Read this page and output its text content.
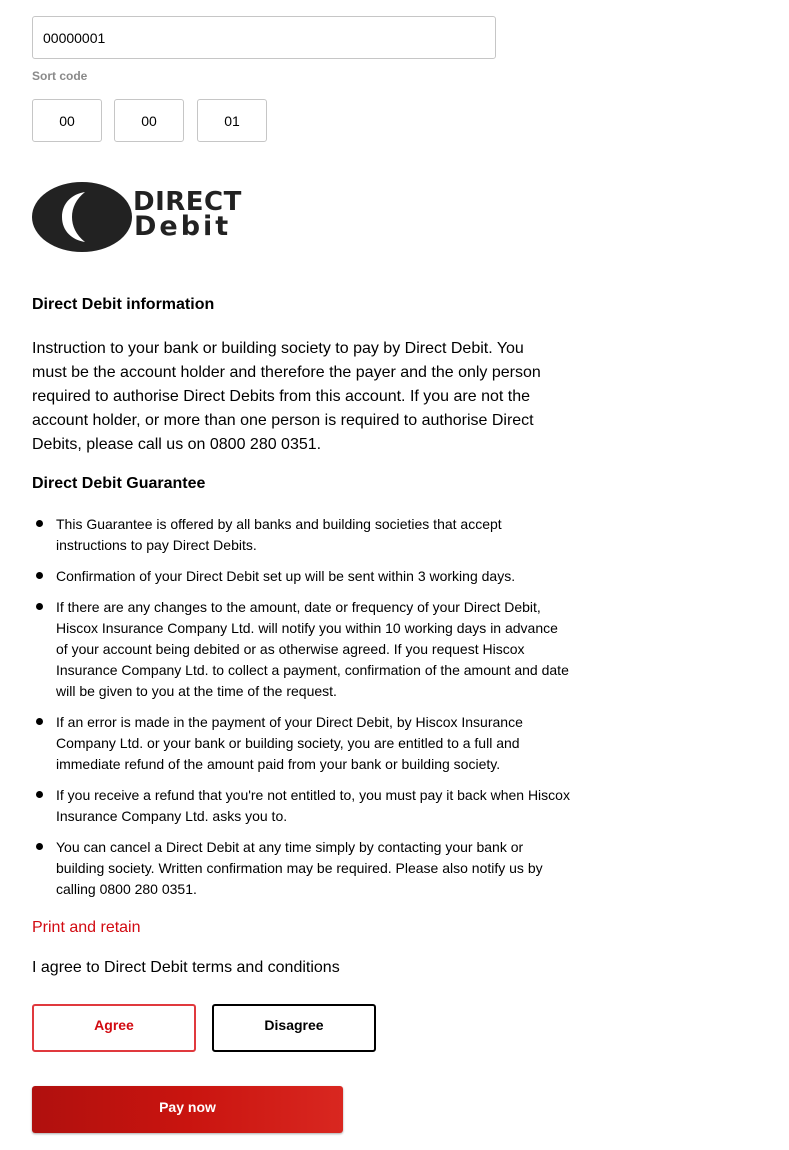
00000001
Sort code
00
00
01
DIRECT
Debit
Direct Debit information

Instruction to your bank or building society to pay by Direct Debit. You must be the account holder and therefore the payer and the only person required to authorise Direct Debits from this account. If you are not the account holder, or more than one person is required to authorise Direct Debits, please call us on 0800 280 0351.

Direct Debit Guarantee
This Guarantee is offered by all banks and building societies that accept instructions to pay Direct Debits.
Confirmation of your Direct Debit set up will be sent within 3 working days.
If there are any changes to the amount, date or frequency of your Direct Debit, Hiscox Insurance Company Ltd. will notify you within 10 working days in advance of your account being debited or as otherwise agreed. If you request Hiscox Insurance Company Ltd. to collect a payment, confirmation of the amount and date will be given to you at the time of the request.
If an error is made in the payment of your Direct Debit, by Hiscox Insurance Company Ltd. or your bank or building society, you are entitled to a full and immediate refund of the amount paid from your bank or building society.
If you receive a refund that you're not entitled to, you must pay it back when Hiscox Insurance Company Ltd. asks you to.
You can cancel a Direct Debit at any time simply by contacting your bank or building society. Written confirmation may be required. Please also notify us by calling 0800 280 0351.
Print and retain

I agree to Direct Debit terms and conditions

Agree	Disagree
Pay now
